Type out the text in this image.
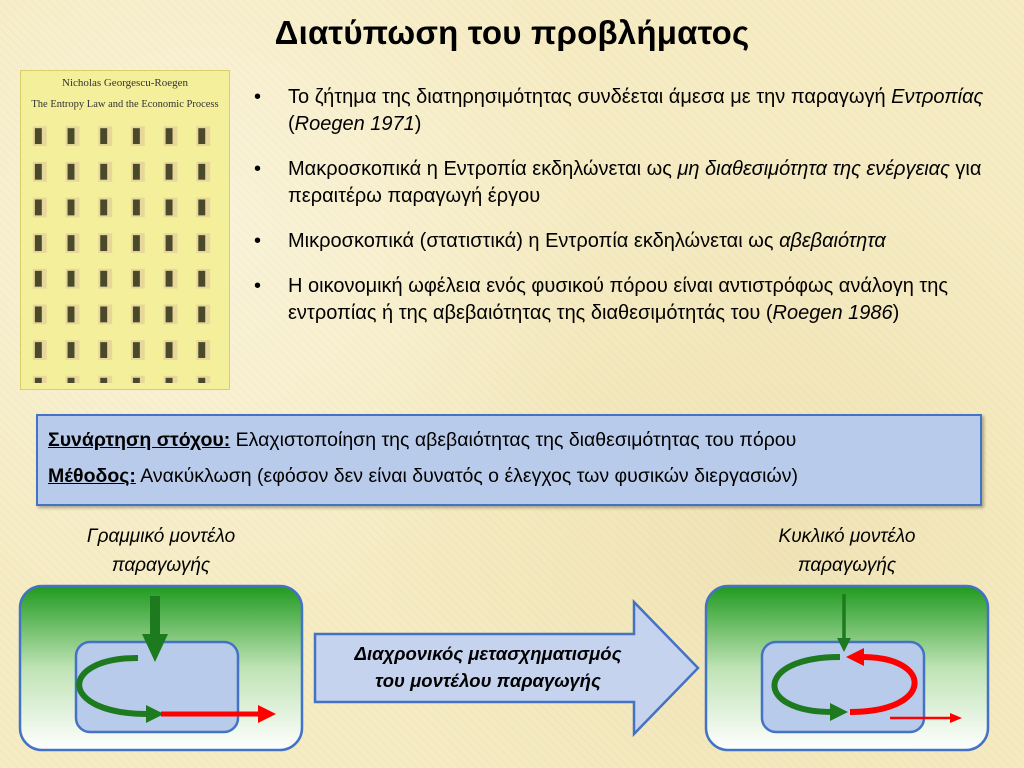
Διατύπωση του προβλήματος
Nicholas Georgescu-Roegen
The Entropy Law and the Economic Process
•	Το ζήτημα της διατηρησιμότητας συνδέεται άμεσα με την παραγωγή Εντροπίας (Roegen 1971)
• Μακροσκοπικά η Εντροπία εκδηλώνεται ως μη διαθεσιμότητα της ενέργειας για περαιτέρω παραγωγή έργου
• Μικροσκοπικά (στατιστικά) η Εντροπία εκδηλώνεται ως αβεβαιότητα
• Η οικονομική ωφέλεια ενός φυσικού πόρου είναι αντιστρόφως ανάλογη της εντροπίας ή της αβεβαιότητας της διαθεσιμότητάς του (Roegen 1986)
Συνάρτηση στόχου: Ελαχιστοποίηση της αβεβαιότητας της διαθεσιμότητας του πόρου
Μέθοδος: Ανακύκλωση (εφόσον δεν είναι δυνατός ο έλεγχος των φυσικών διεργασιών)
Γραμμικό μοντέλο
παραγωγής
Κυκλικό μοντέλο
παραγωγής
Διαχρονικός μετασχηματισμός
του μοντέλου παραγωγής
